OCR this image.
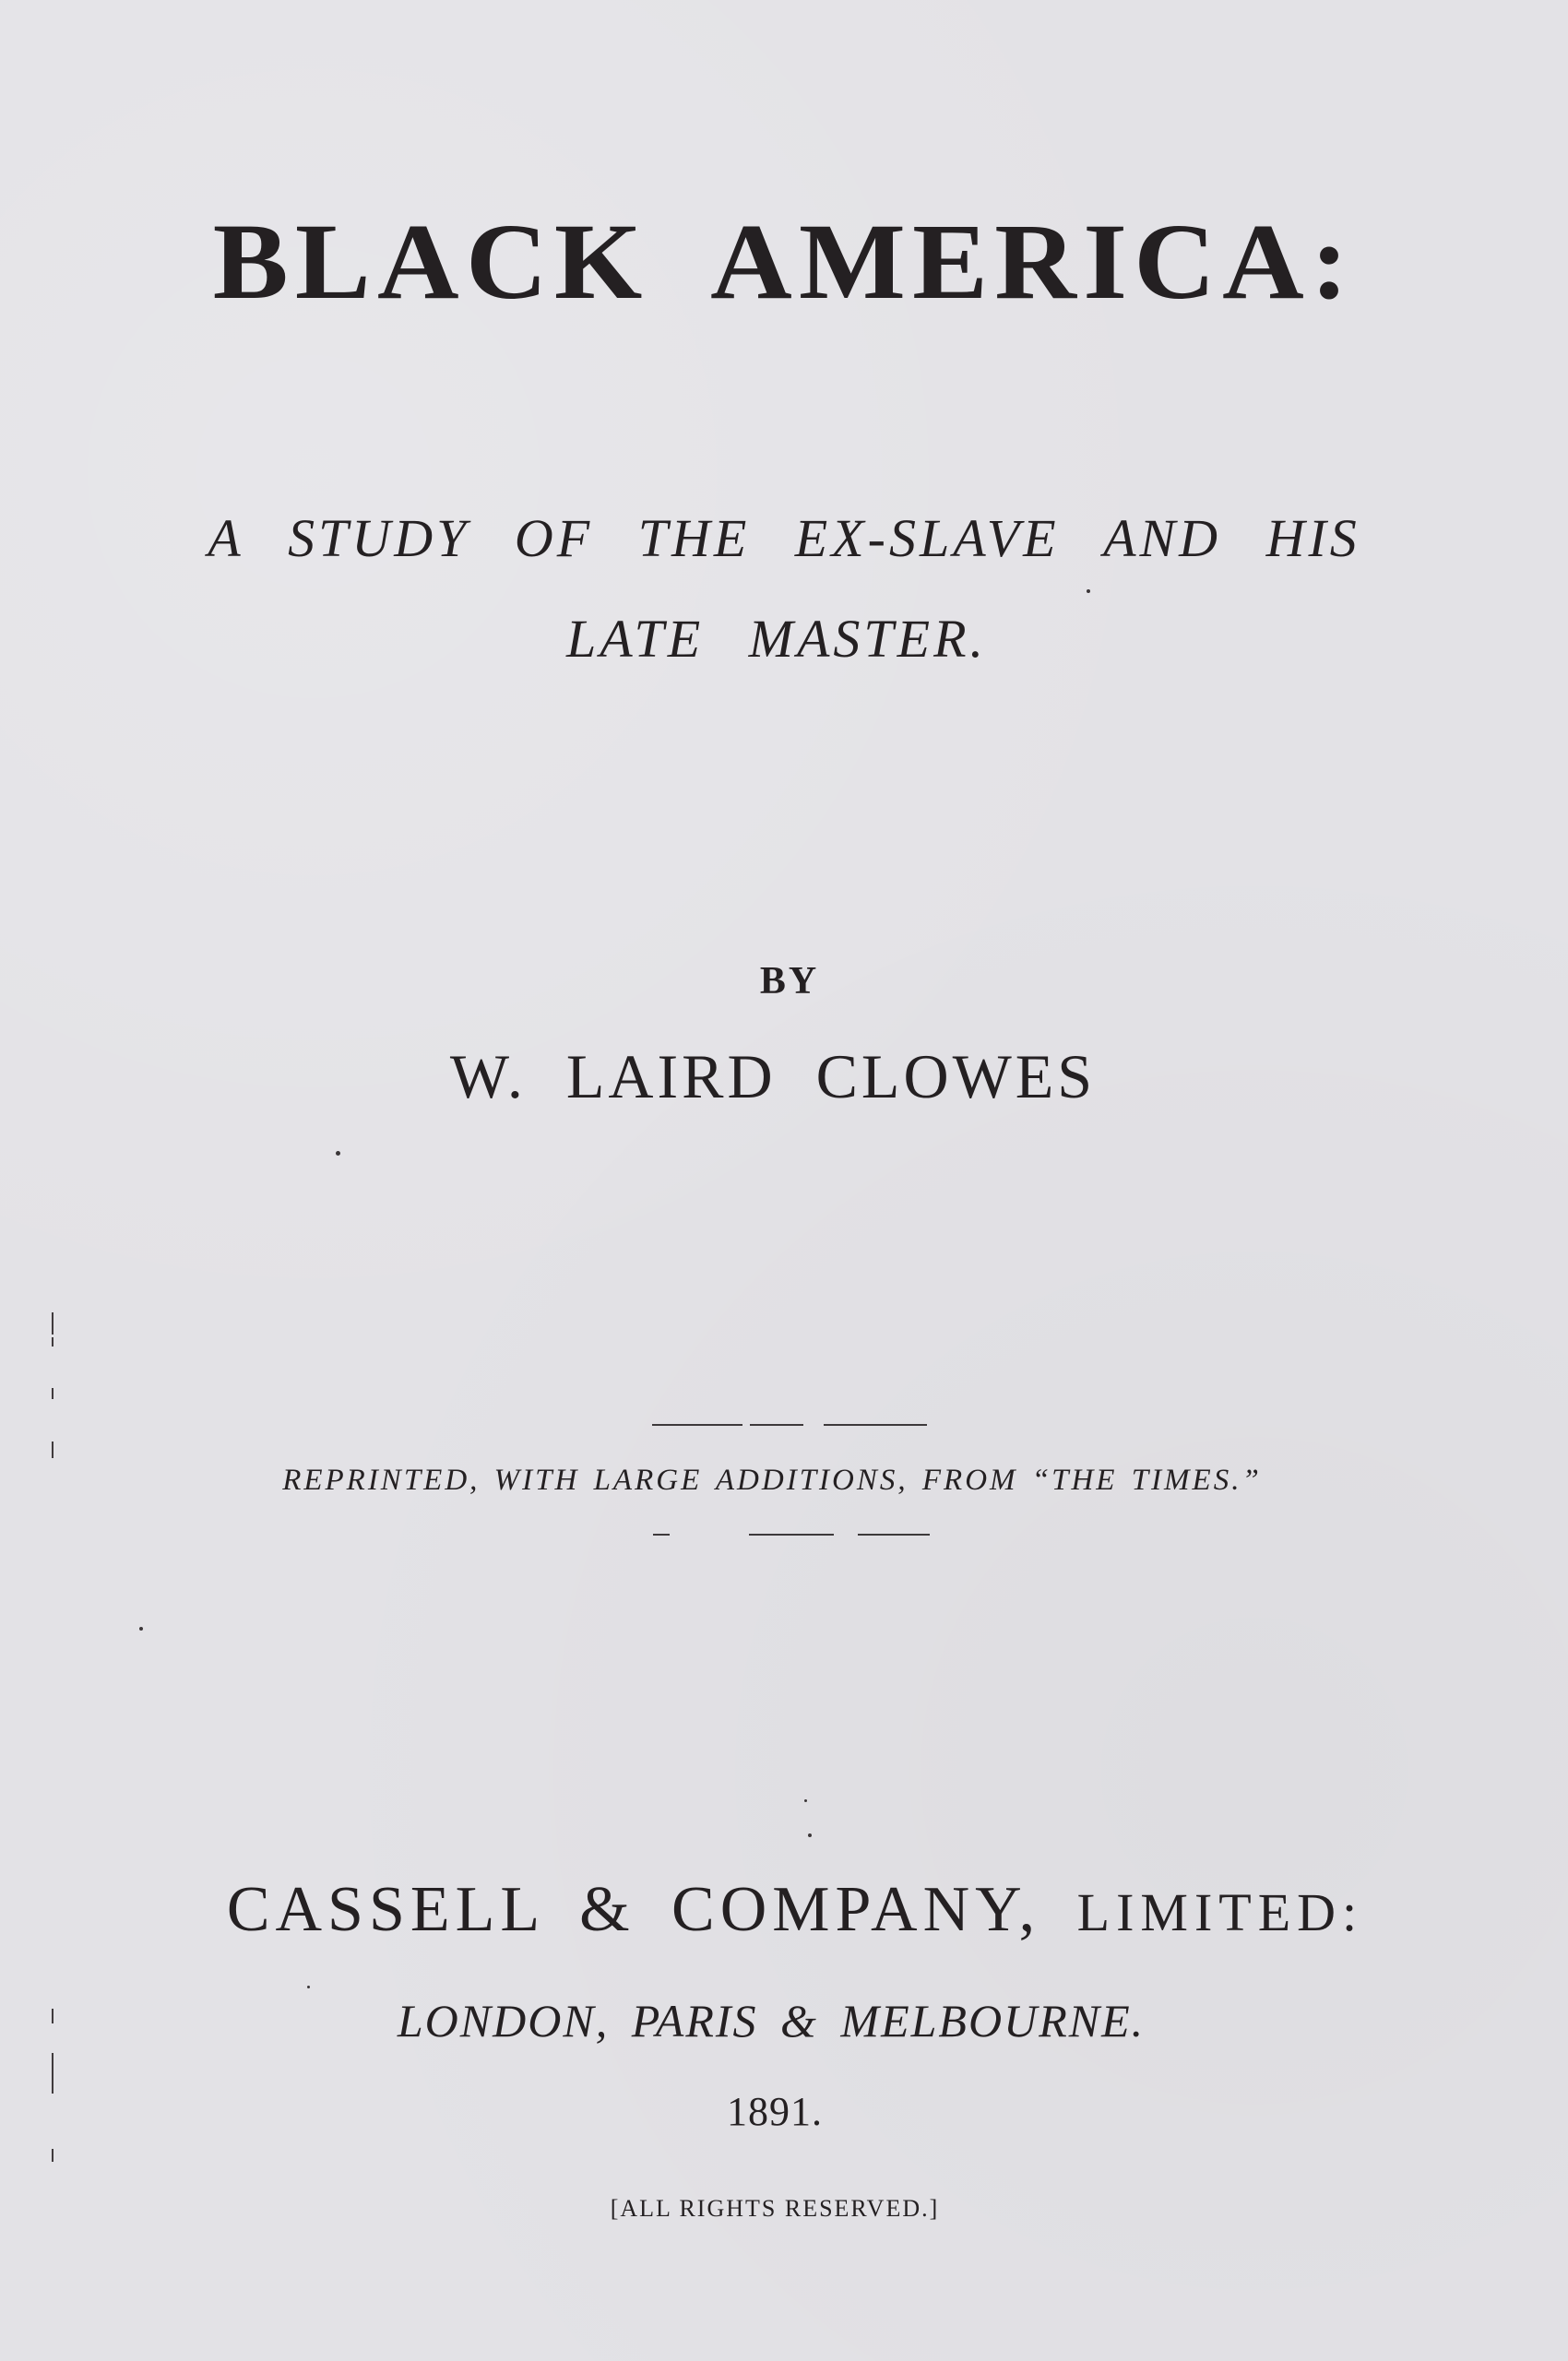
BLACK AMERICA:
A STUDY OF THE EX-SLAVE AND HIS
LATE MASTER.
BY
W. LAIRD CLOWES
REPRINTED, WITH LARGE ADDITIONS, FROM “THE TIMES.”
CASSELL & COMPANY, LIMITED:
LONDON, PARIS & MELBOURNE.
1891.
[ALL RIGHTS RESERVED.]
